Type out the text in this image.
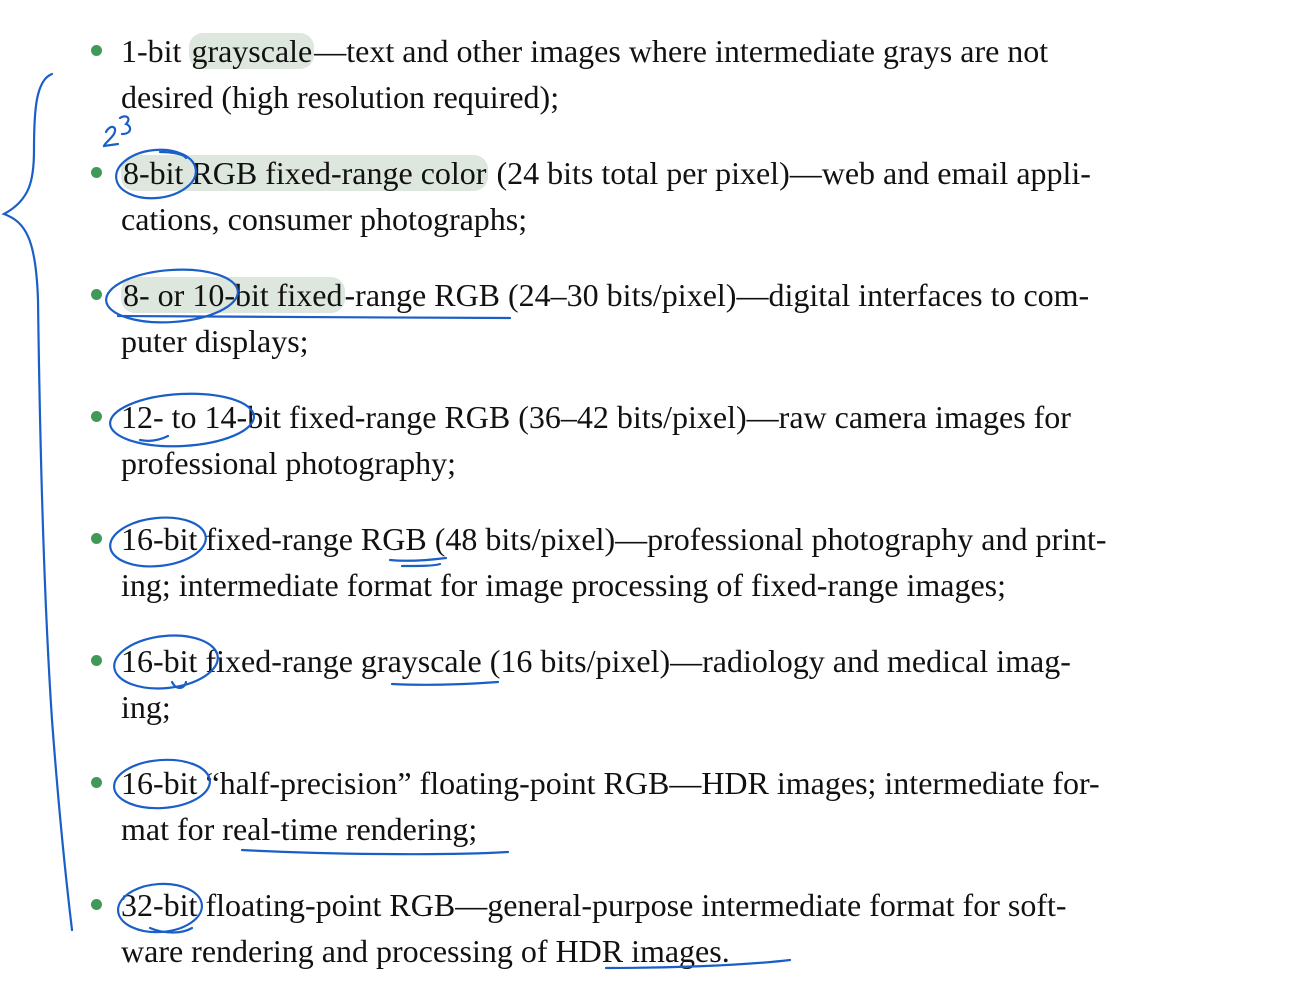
1-bit grayscale—text and other images where intermediate grays are not
desired (high resolution required);
8-bit RGB fixed-range color (24 bits total per pixel)—web and email appli-
cations, consumer photographs;
8- or 10-bit fixed-range RGB (24–30 bits/pixel)—digital interfaces to com-
puter displays;
12- to 14-bit fixed-range RGB (36–42 bits/pixel)—raw camera images for
professional photography;
16-bit fixed-range RGB (48 bits/pixel)—professional photography and print-
ing; intermediate format for image processing of fixed-range images;
16-bit fixed-range grayscale (16 bits/pixel)—radiology and medical imag-
ing;
16-bit “half-precision” floating-point RGB—HDR images; intermediate for-
mat for real-time rendering;
32-bit floating-point RGB—general-purpose intermediate format for soft-
ware rendering and processing of HDR images.
